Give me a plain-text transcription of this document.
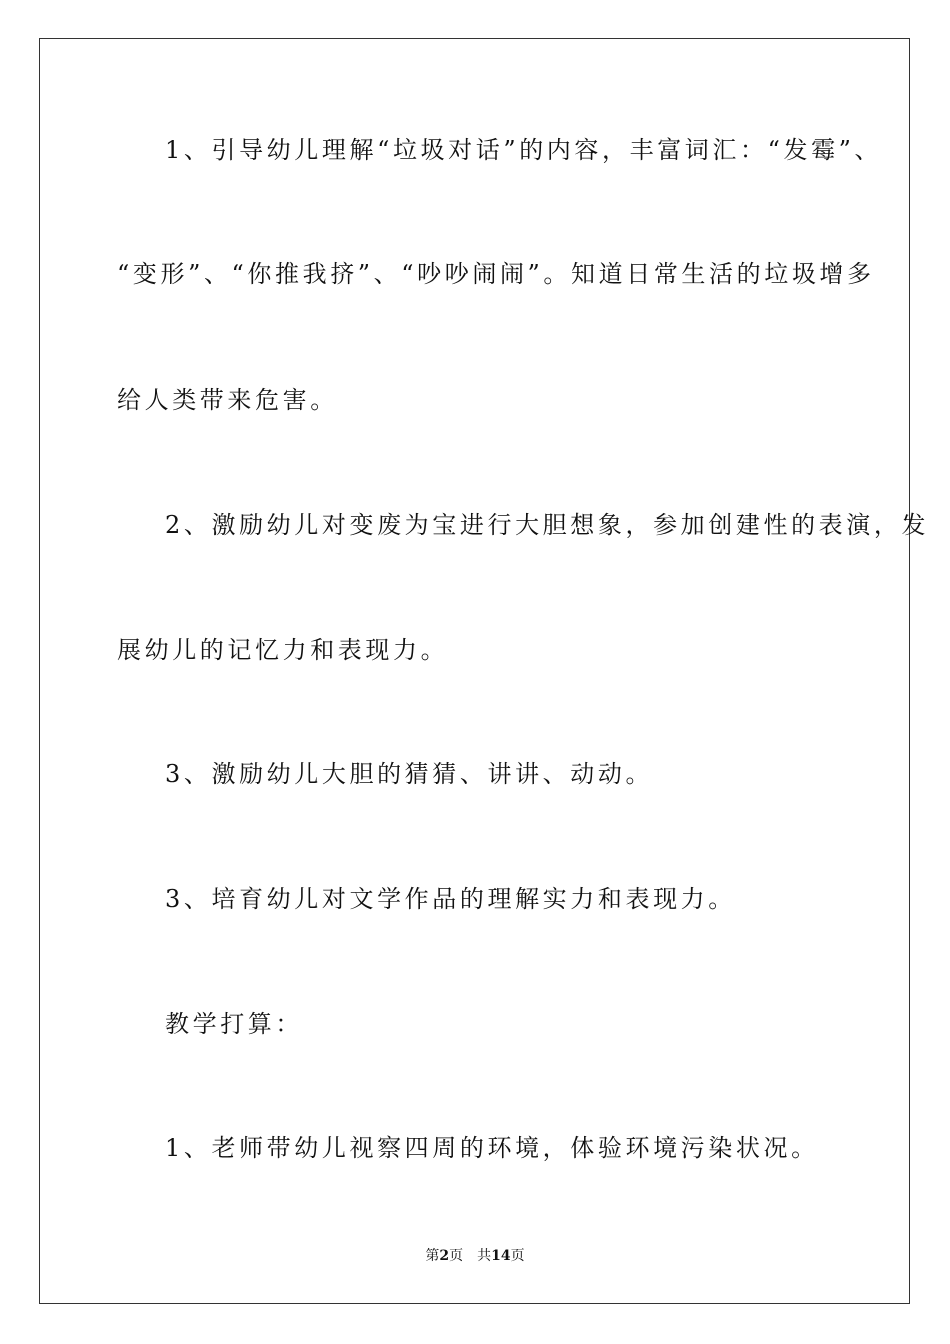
1、引导幼儿理解“垃圾对话”的内容，丰富词汇：“发霉”、
“变形”、“你推我挤”、“吵吵闹闹”。知道日常生活的垃圾增多
给人类带来危害。
2、激励幼儿对变废为宝进行大胆想象，参加创建性的表演，发
展幼儿的记忆力和表现力。
3、激励幼儿大胆的猜猜、讲讲、动动。
3、培育幼儿对文学作品的理解实力和表现力。
教学打算：
1、老师带幼儿视察四周的环境，体验环境污染状况。
第2页 共14页
